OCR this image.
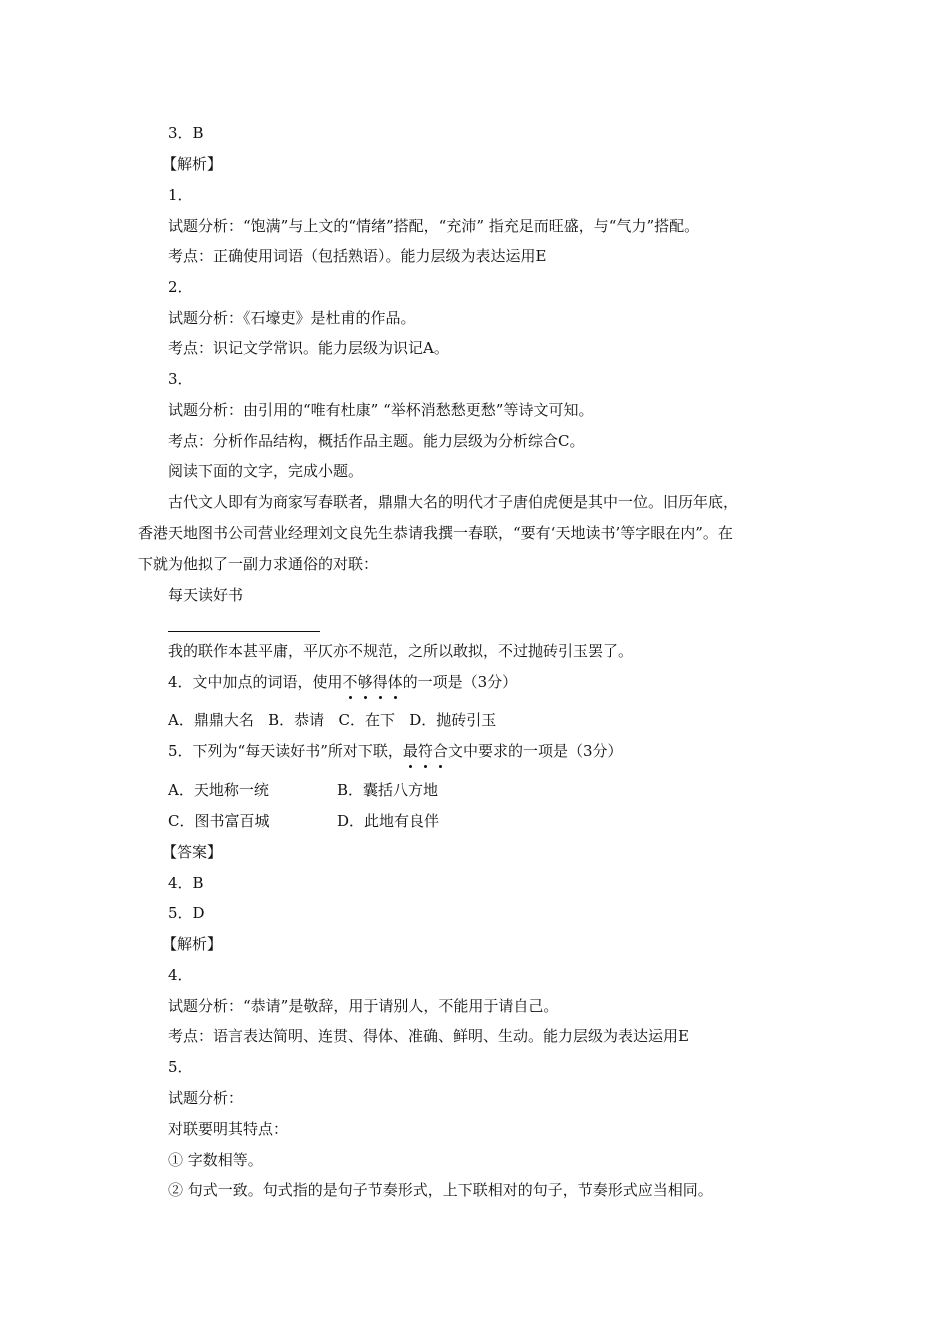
3．B
【解析】
1．
试题分析：“饱满”与上文的“情绪”搭配，“充沛” 指充足而旺盛，与“气力”搭配。
考点：正确使用词语（包括熟语）。能力层级为表达运用E
2．
试题分析：《石壕吏》是杜甫的作品。
考点：识记文学常识。能力层级为识记A。
3．
试题分析：由引用的“唯有杜康” “举杯消愁愁更愁”等诗文可知。
考点：分析作品结构，概括作品主题。能力层级为分析综合C。
阅读下面的文字，完成小题。
古代文人即有为商家写春联者，鼎鼎大名的明代才子唐伯虎便是其中一位。旧历年底，
香港天地图书公司营业经理刘文良先生恭请我撰一春联，“要有‘天地读书’等字眼在内”。在
下就为他拟了一副力求通俗的对联：
每天读好书
我的联作本甚平庸，平仄亦不规范，之所以敢拟，不过抛砖引玉罢了。
4．文中加点的词语，使用不够得体的一项是（3分）
A．鼎鼎大名   B．恭请   C．在下   D．抛砖引玉
5．下列为“每天读好书”所对下联，最符合文中要求的一项是（3分）
A．天地称一统	B．囊括八方地
C．图书富百城	D．此地有良伴
【答案】
4．B
5．D
【解析】
4．
试题分析：“恭请”是敬辞，用于请别人，不能用于请自己。
考点：语言表达简明、连贯、得体、准确、鲜明、生动。能力层级为表达运用E
5．
试题分析：
对联要明其特点：
① 字数相等。
② 句式一致。句式指的是句子节奏形式，上下联相对的句子，节奏形式应当相同。
